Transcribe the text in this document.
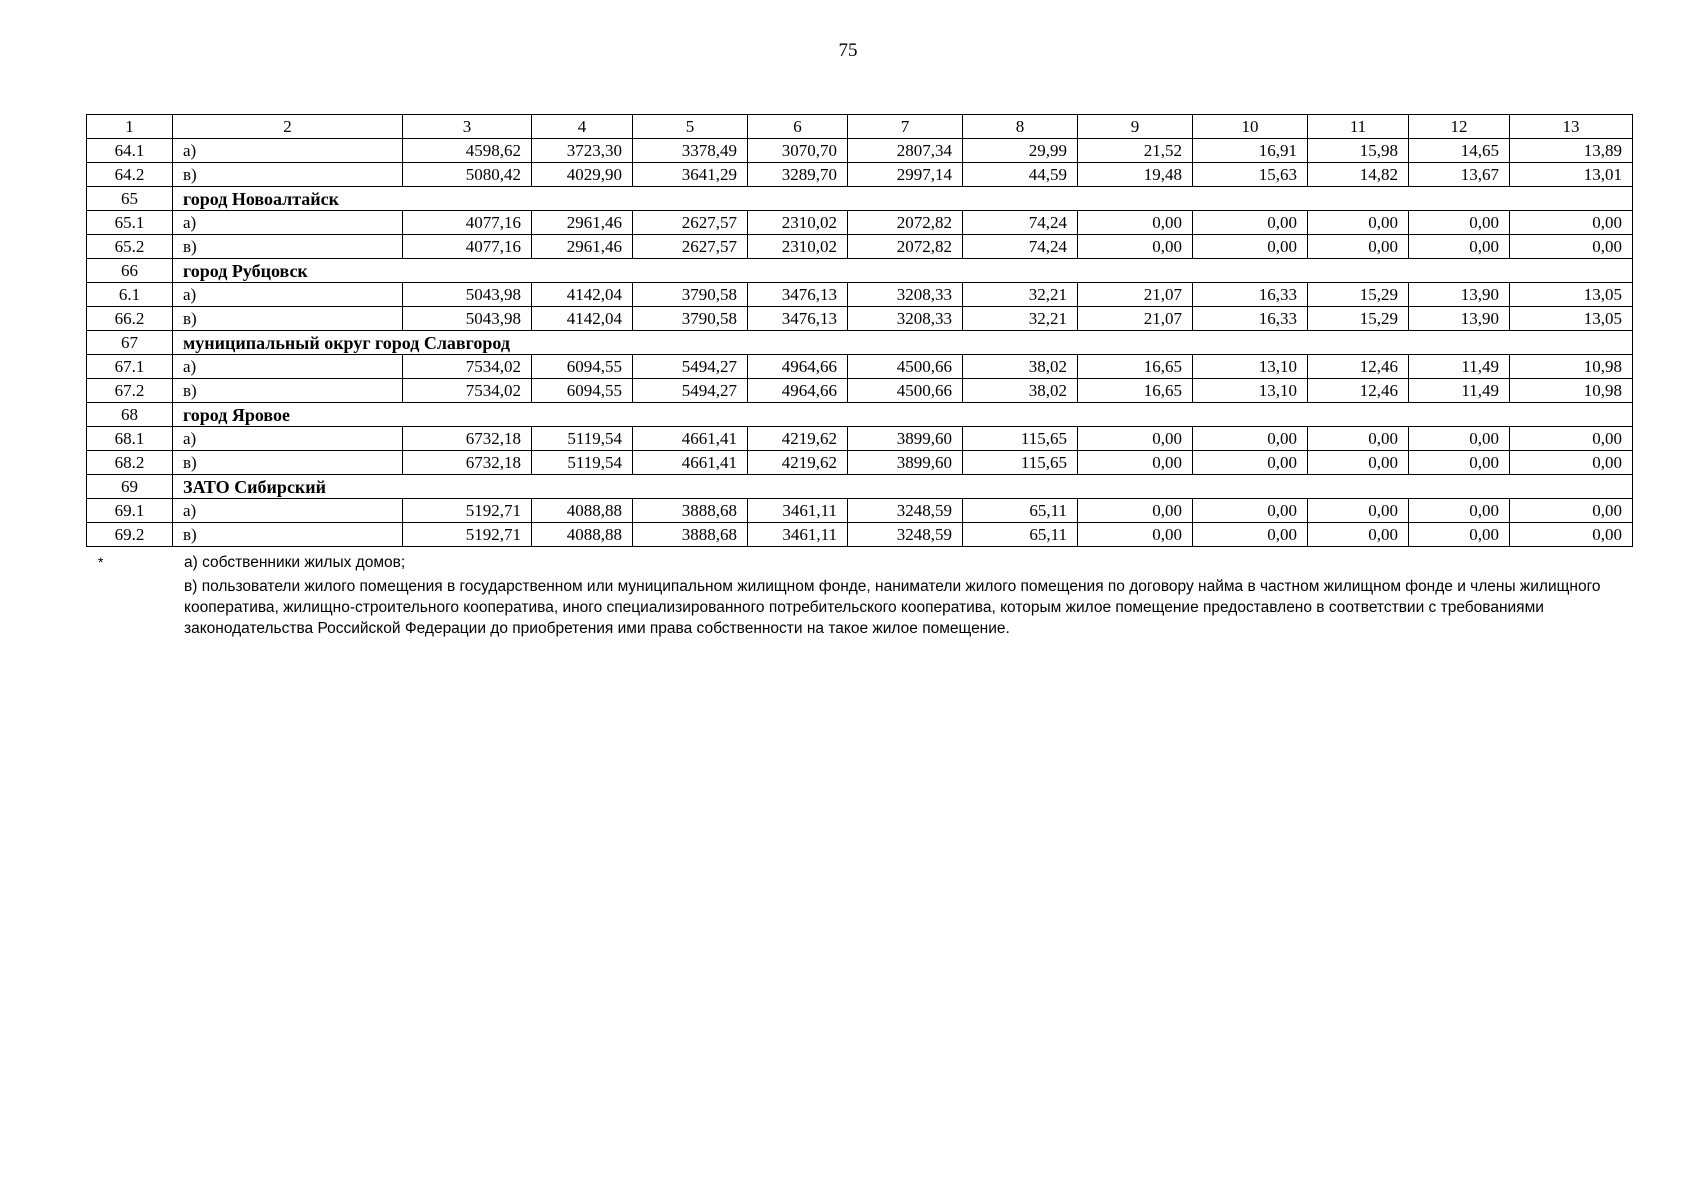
75
1	2	3	4	5	6	7	8	9	10	11	12	13
64.1	а)	4598,62	3723,30	3378,49	3070,70	2807,34	29,99	21,52	16,91	15,98	14,65	13,89
64.2	в)	5080,42	4029,90	3641,29	3289,70	2997,14	44,59	19,48	15,63	14,82	13,67	13,01
65	город Новоалтайск											
65.1	а)	4077,16	2961,46	2627,57	2310,02	2072,82	74,24	0,00	0,00	0,00	0,00	0,00
65.2	в)	4077,16	2961,46	2627,57	2310,02	2072,82	74,24	0,00	0,00	0,00	0,00	0,00
66	город Рубцовск											
6.1	а)	5043,98	4142,04	3790,58	3476,13	3208,33	32,21	21,07	16,33	15,29	13,90	13,05
66.2	в)	5043,98	4142,04	3790,58	3476,13	3208,33	32,21	21,07	16,33	15,29	13,90	13,05
67	муниципальный округ город Славгород											
67.1	а)	7534,02	6094,55	5494,27	4964,66	4500,66	38,02	16,65	13,10	12,46	11,49	10,98
67.2	в)	7534,02	6094,55	5494,27	4964,66	4500,66	38,02	16,65	13,10	12,46	11,49	10,98
68	город Яровое											
68.1	а)	6732,18	5119,54	4661,41	4219,62	3899,60	115,65	0,00	0,00	0,00	0,00	0,00
68.2	в)	6732,18	5119,54	4661,41	4219,62	3899,60	115,65	0,00	0,00	0,00	0,00	0,00
69	ЗАТО Сибирский											
69.1	а)	5192,71	4088,88	3888,68	3461,11	3248,59	65,11	0,00	0,00	0,00	0,00	0,00
69.2	в)	5192,71	4088,88	3888,68	3461,11	3248,59	65,11	0,00	0,00	0,00	0,00	0,00
*	а) собственники жилых домов;
в) пользователи жилого помещения в государственном или муниципальном жилищном фонде, наниматели жилого помещения по договору найма в частном жилищном фонде и члены жилищного кооператива, жилищно-строительного кооператива, иного специализированного потребительского кооператива, которым жилое помещение предоставлено в соответствии с требованиями законодательства Российской Федерации до приобретения ими права собственности на такое жилое помещение.
